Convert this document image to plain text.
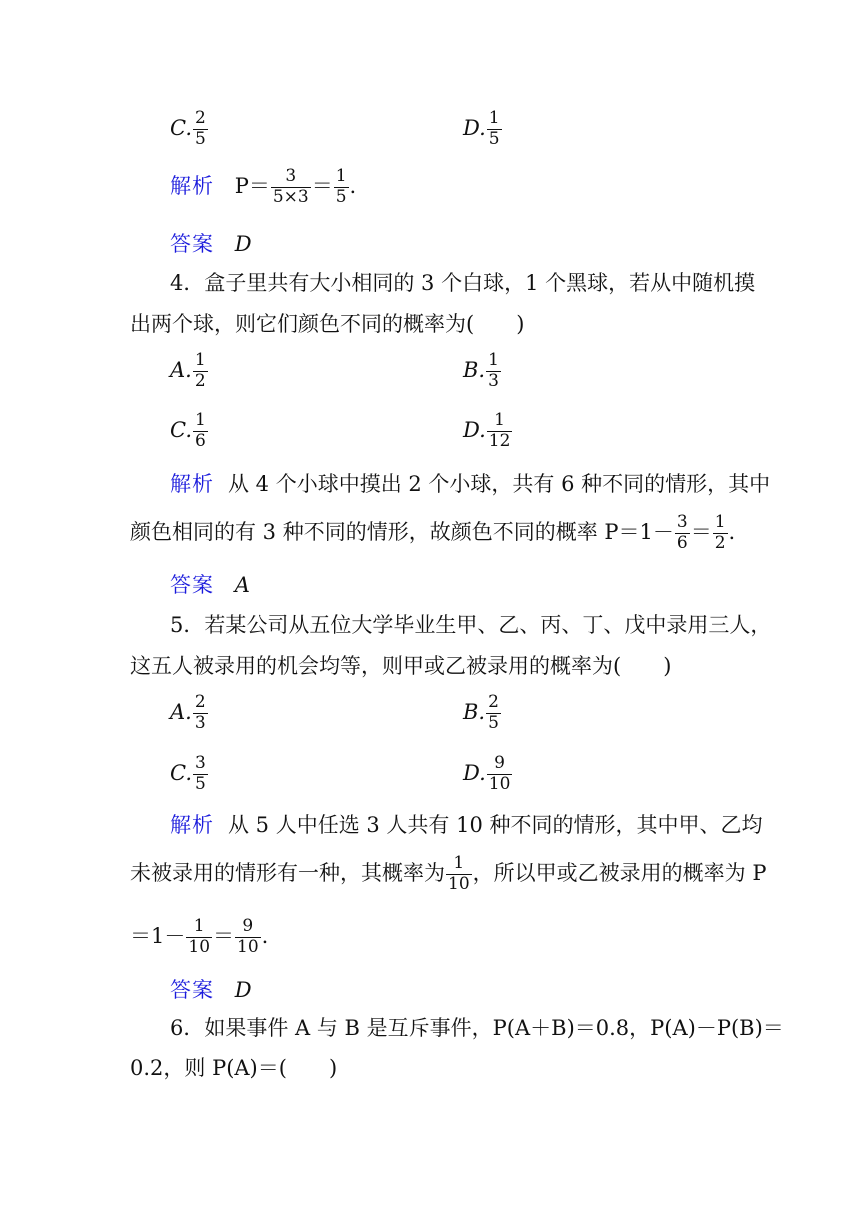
C. $\frac{2}{5}$	D. $\frac{1}{5}$
解析 $P= \frac{3}{5\times 3} = \frac{1}{5}$ .
答案 D
4．盒子里共有大小相同的 3 个白球，1 个黑球，若从中随机摸
出两个球，则它们颜色不同的概率为(　　)
A. $\frac{1}{2}$	B. $\frac{1}{3}$
C. $\frac{1}{6}$	D. $\frac{1}{12}$
解析 从 4 个小球中摸出 2 个小球，共有 6 种不同的情形，其中
颜色相同的有 3 种不同的情形，故颜色不同的概率 $P=1- \frac{3}{6} = \frac{1}{2}$ .
答案 A
5．若某公司从五位大学毕业生甲、乙、丙、丁、戊中录用三人，
这五人被录用的机会均等，则甲或乙被录用的概率为(　　)
A. $\frac{2}{3}$	B. $\frac{2}{5}$
C. $\frac{3}{5}$	D. $\frac{9}{10}$
解析 从 5 人中任选 3 人共有 10 种不同的情形，其中甲、乙均
未被录用的情形有一种，其概率为 $\frac{1}{10}$ ，所以甲或乙被录用的概率为 P
$=1- \frac{1}{10} = \frac{9}{10}$ .
答案 D
6．如果事件 A 与 B 是互斥事件，P(A＋B)＝0.8，P(A)－P(B)＝
0.2，则 P(A)＝(　　)
